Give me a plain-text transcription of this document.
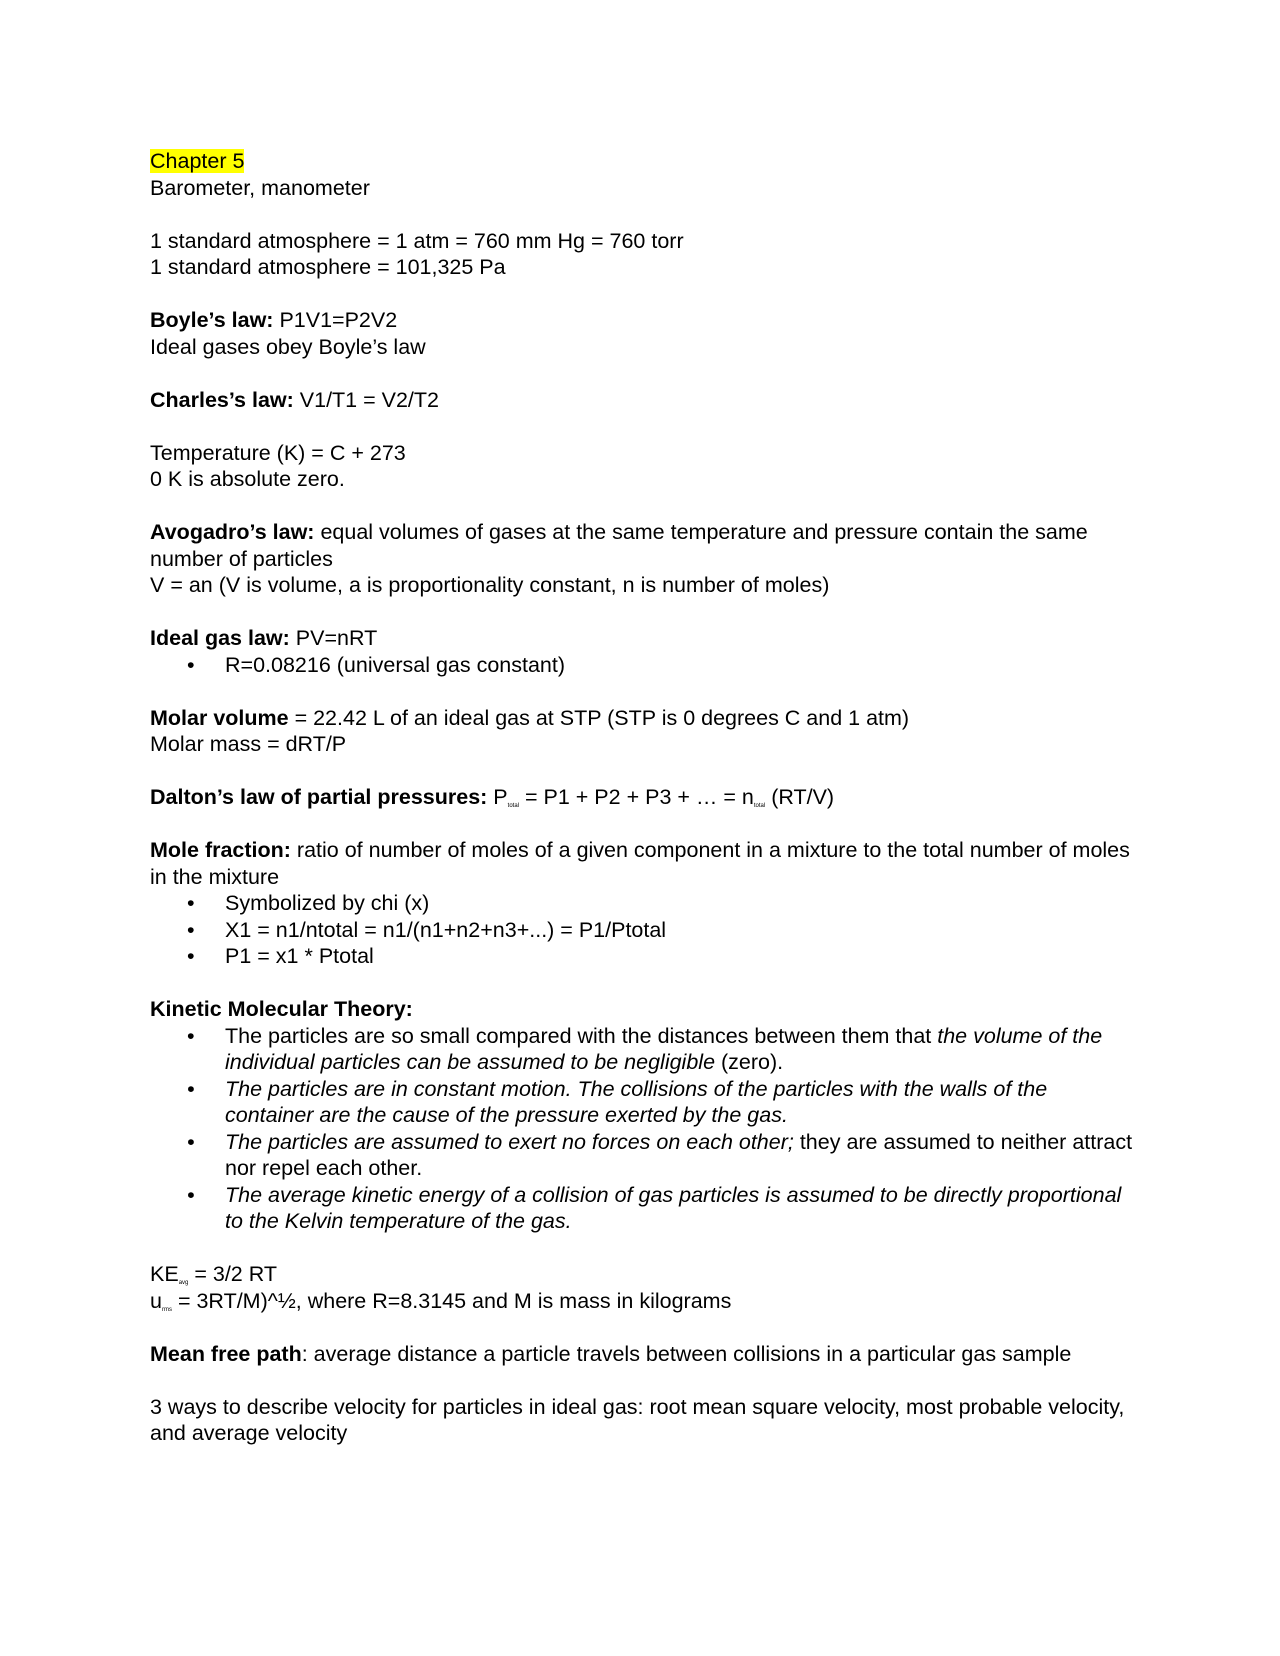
Chapter 5

Barometer, manometer

1 standard atmosphere = 1 atm = 760 mm Hg = 760 torr

1 standard atmosphere = 101,325 Pa

Boyle’s law: P1V1=P2V2

Ideal gases obey Boyle’s law

Charles’s law: V1/T1 = V2/T2

Temperature (K) = C + 273

0 K is absolute zero.

Avogadro’s law: equal volumes of gases at the same temperature and pressure contain the same number of particles

V = an (V is volume, a is proportionality constant, n is number of moles)

Ideal gas law: PV=nRT

• R=0.08216 (universal gas constant)

Molar volume = 22.42 L of an ideal gas at STP (STP is 0 degrees C and 1 atm)

Molar mass = dRT/P

Dalton’s law of partial pressures: $P_{total} = P1 + P2 + P3$ + … = $n_{total}$ (RT/V)

Mole fraction: ratio of number of moles of a given component in a mixture to the total number of moles in the mixture

• Symbolized by chi (x)
• X1 = n1/ntotal = n1/(n1+n2+n3+...) = P1/Ptotal
• P1 = x1 * Ptotal

Kinetic Molecular Theory:

• The particles are so small compared with the distances between them that the volume of the individual particles can be assumed to be negligible (zero).
• The particles are in constant motion. The collisions of the particles with the walls of the container are the cause of the pressure exerted by the gas.
• The particles are assumed to exert no forces on each other; they are assumed to neither attract nor repel each other.
• The average kinetic energy of a collision of gas particles is assumed to be directly proportional to the Kelvin temperature of the gas.

$KE_{avg} = 3/2$ RT

$u_{rms}$ = 3RT/M)^½, where R=8.3145 and M is mass in kilograms

Mean free path: average distance a particle travels between collisions in a particular gas sample

3 ways to describe velocity for particles in ideal gas: root mean square velocity, most probable velocity, and average velocity
